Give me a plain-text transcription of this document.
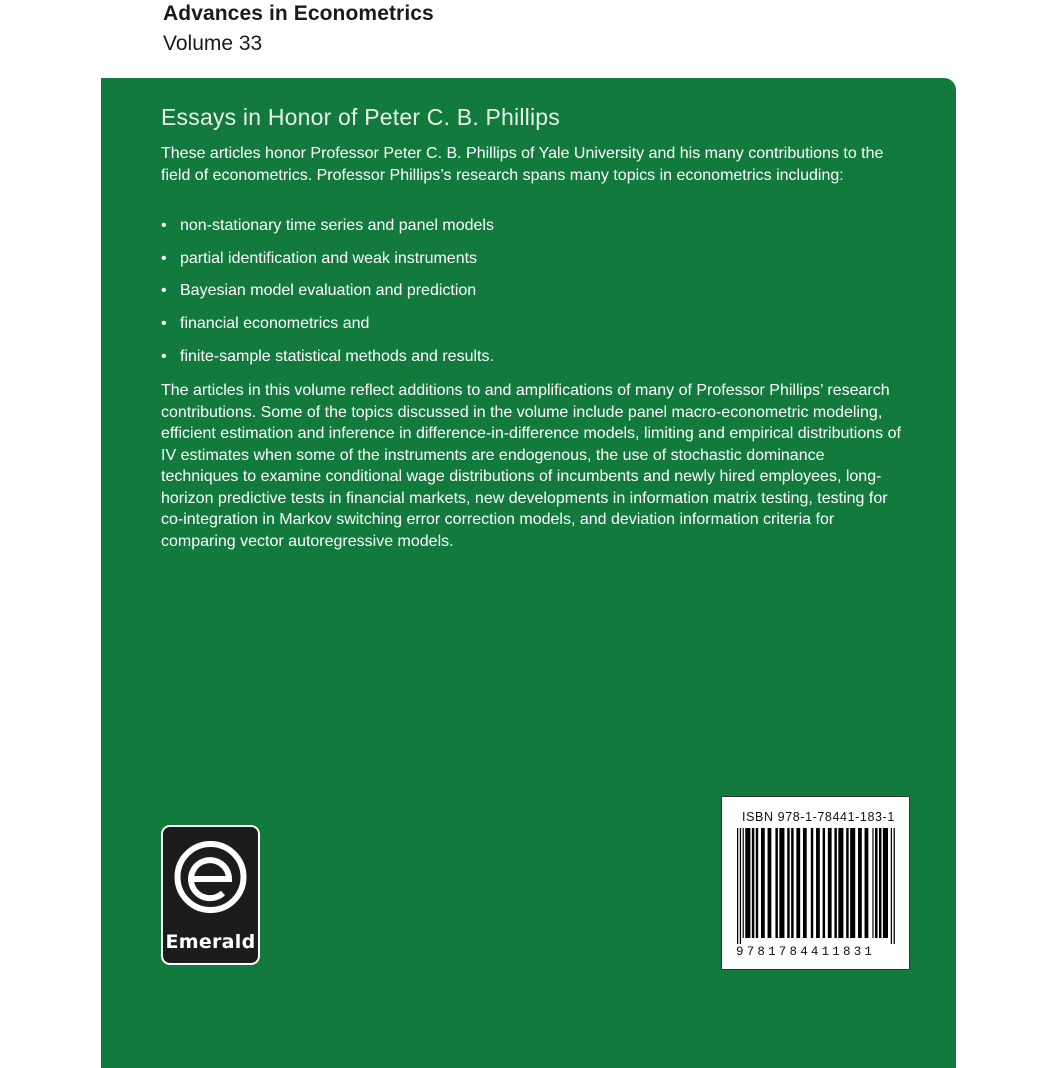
Advances in Econometrics
Volume 33
Essays in Honor of Peter C. B. Phillips
These articles honor Professor Peter C. B. Phillips of Yale University and his many contributions to the field of econometrics. Professor Phillips’s research spans many topics in econometrics including:
• non-stationary time series and panel models
• partial identification and weak instruments
• Bayesian model evaluation and prediction
• financial econometrics and
• finite-sample statistical methods and results.

The articles in this volume reflect additions to and amplifications of many of Professor Phillips’ research contributions. Some of the topics discussed in the volume include panel macro-econometric modeling, efficient estimation and inference in difference-in-difference models, limiting and empirical distributions of IV estimates when some of the instruments are endogenous, the use of stochastic dominance techniques to examine conditional wage distributions of incumbents and newly hired employees, long-horizon predictive tests in financial markets, new developments in information matrix testing, testing for co-integration in Markov switching error correction models, and deviation information criteria for comparing vector autoregressive models.

Emerald
ISBN 978-1-78441-183-1
9781784411831
